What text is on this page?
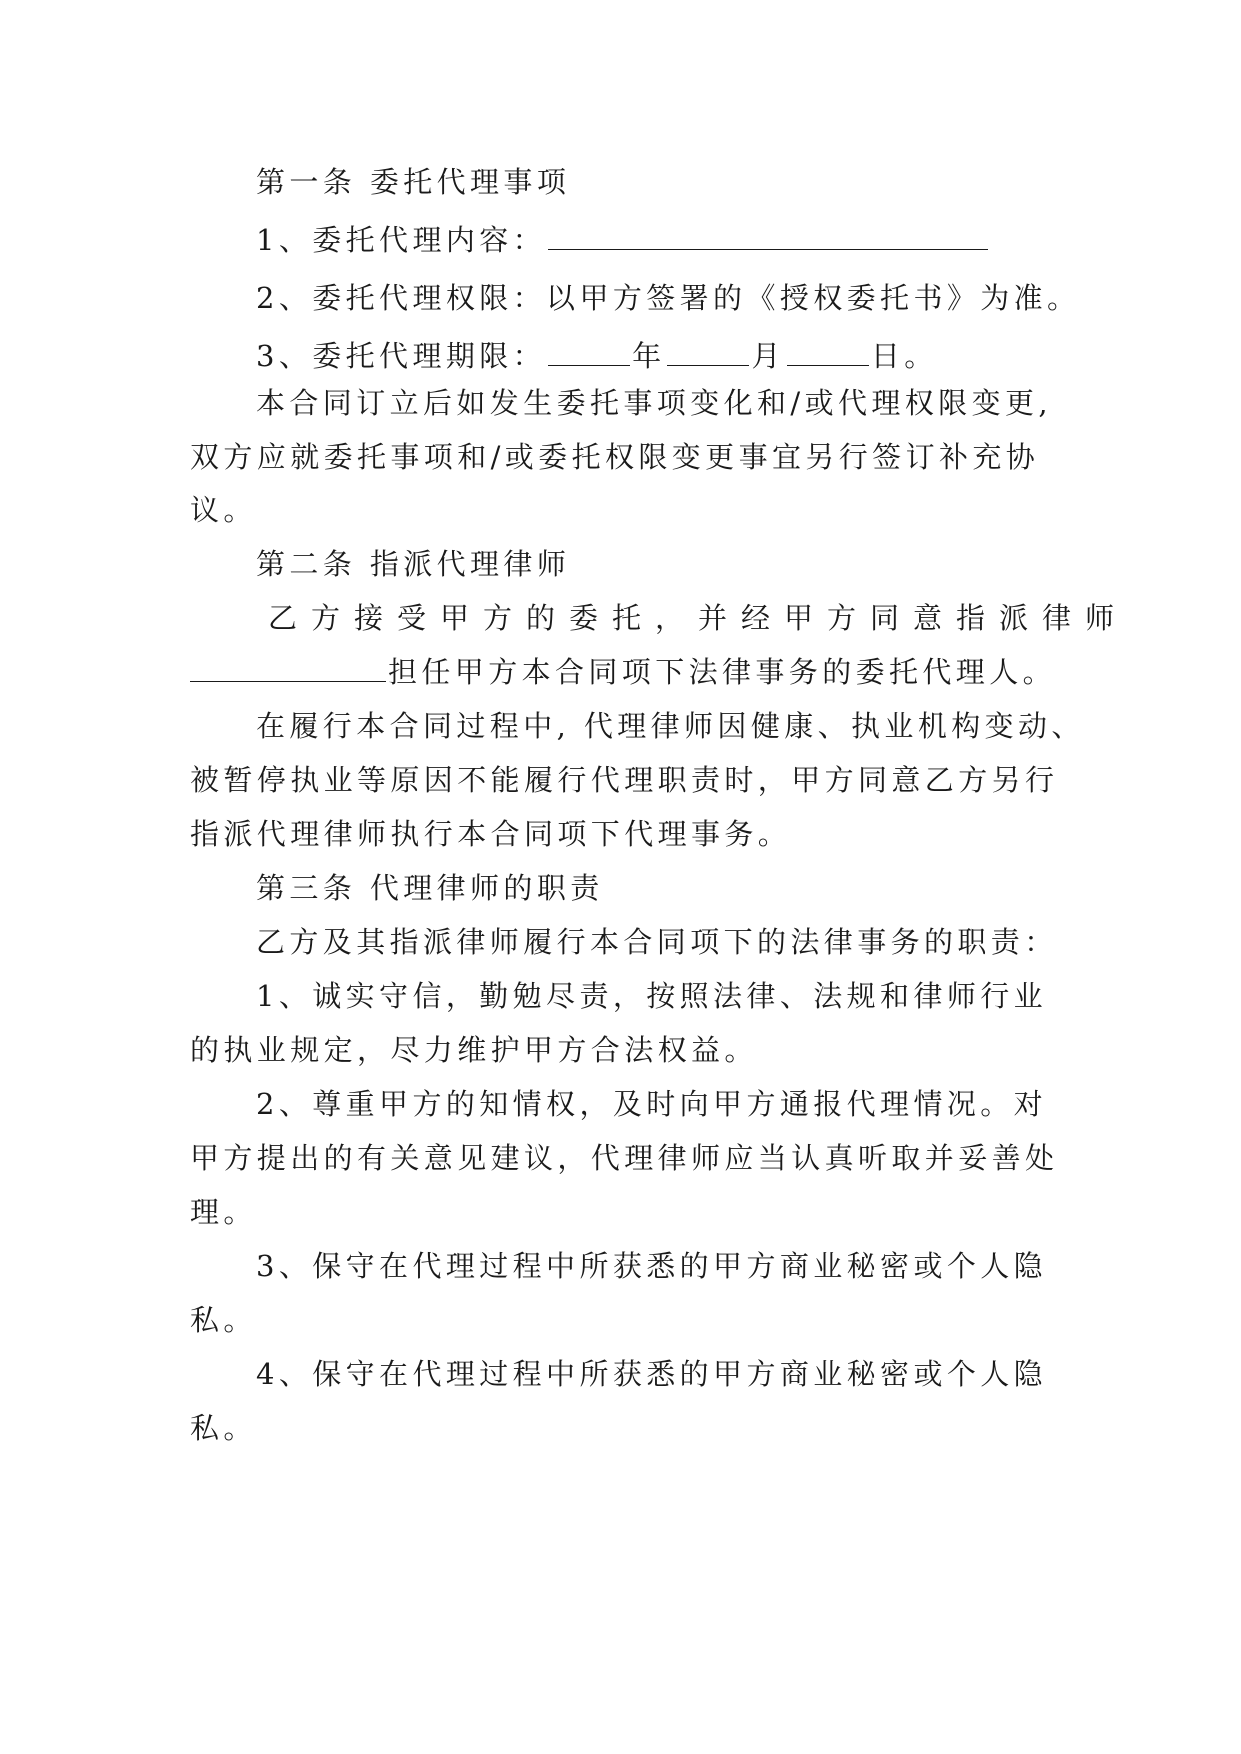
第一条 委托代理事项
1、委托代理内容：
2、委托代理权限：以甲方签署的《授权委托书》为准。
3、委托代理期限：	年	月	日。
本合同订立后如发生委托事项变化和/或代理权限变更,
双方应就委托事项和/或委托权限变更事宜另行签订补充协
议。
第二条 指派代理律师
乙方接受甲方的委托，并经甲方同意指派律师
担任甲方本合同项下法律事务的委托代理人。
在履行本合同过程中, 代理律师因健康、执业机构变动、
被暂停执业等原因不能履行代理职责时，甲方同意乙方另行
指派代理律师执行本合同项下代理事务。
第三条 代理律师的职责
乙方及其指派律师履行本合同项下的法律事务的职责：
1、诚实守信，勤勉尽责，按照法律、法规和律师行业
的执业规定，尽力维护甲方合法权益。
2、尊重甲方的知情权，及时向甲方通报代理情况。对
甲方提出的有关意见建议，代理律师应当认真听取并妥善处
理。
3、保守在代理过程中所获悉的甲方商业秘密或个人隐
私。
4、保守在代理过程中所获悉的甲方商业秘密或个人隐
私。
